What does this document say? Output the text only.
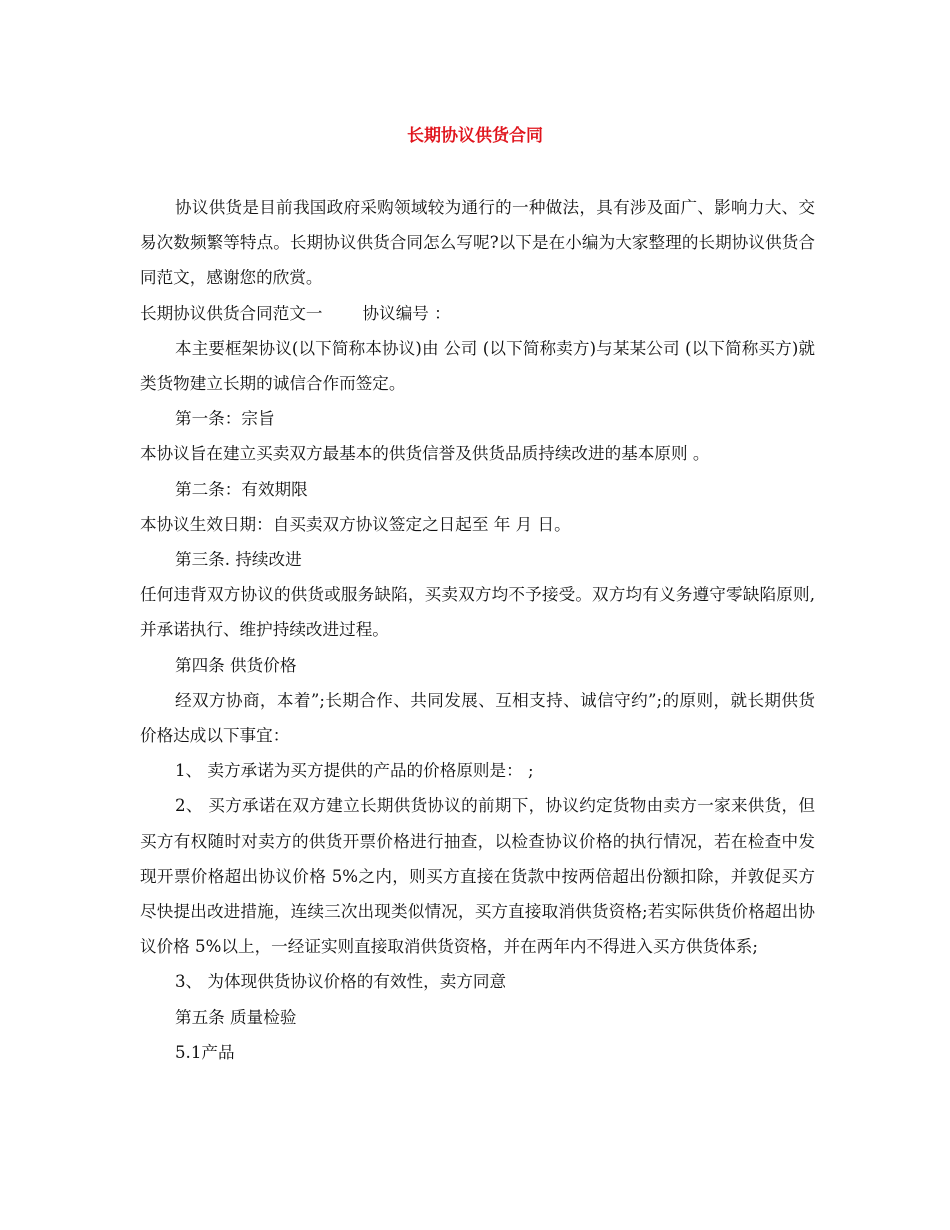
长期协议供货合同

协议供货是目前我国政府采购领域较为通行的一种做法，具有涉及面广、影响力大、交易次数频繁等特点。长期协议供货合同怎么写呢?以下是在小编为大家整理的长期协议供货合同范文，感谢您的欣赏。

长期协议供货合同范文一 协议编号 ：

本主要框架协议(以下简称本协议)由 公司 (以下简称卖方)与某某公司 (以下简称买方)就 类货物建立长期的诚信合作而签定。

第一条：宗旨

本协议旨在建立买卖双方最基本的供货信誉及供货品质持续改进的基本原则 。

第二条：有效期限

本协议生效日期：自买卖双方协议签定之日起至 年 月 日。

第三条. 持续改进

任何违背双方协议的供货或服务缺陷，买卖双方均不予接受。双方均有义务遵守零缺陷原则,并承诺执行、维护持续改进过程。

第四条 供货价格

经双方协商，本着”;长期合作、共同发展、互相支持、诚信守约”;的原则，就长期供货价格达成以下事宜：

1、 卖方承诺为买方提供的产品的价格原则是： ;

2、 买方承诺在双方建立长期供货协议的前期下，协议约定货物由卖方一家来供货，但买方有权随时对卖方的供货开票价格进行抽查，以检查协议价格的执行情况，若在检查中发现开票价格超出协议价格 5%之内，则买方直接在货款中按两倍超出份额扣除，并敦促买方尽快提出改进措施，连续三次出现类似情况，买方直接取消供货资格;若实际供货价格超出协议价格 5%以上，一经证实则直接取消供货资格，并在两年内不得进入买方供货体系;

3、 为体现供货协议价格的有效性，卖方同意

第五条 质量检验

5.1产品
